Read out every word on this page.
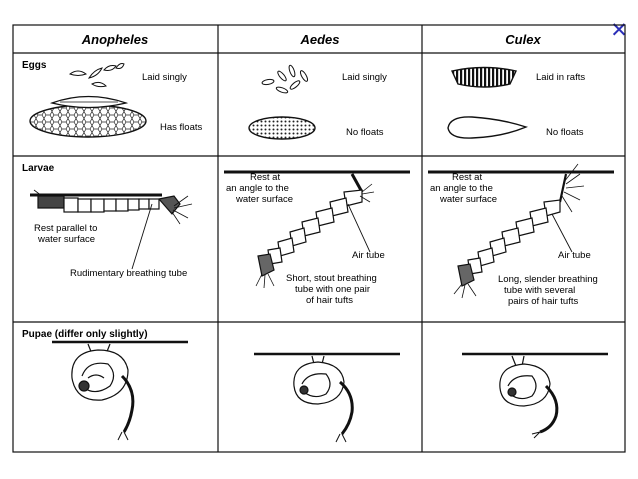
✕
Anopheles	Aedes	Culex
Eggs
Laid singly
Has floats
Laid singly
No floats
Laid in rafts
No floats
Larvae
Rest parallel to
water surface
Rudimentary breathing tube
Rest at
an angle to the
water surface
Air tube
Short, stout breathing
tube with one pair
of hair tufts
Rest at
an angle to the
water surface
Air tube
Long, slender breathing
tube with several
pairs of hair tufts
Pupae (differ only slightly)
